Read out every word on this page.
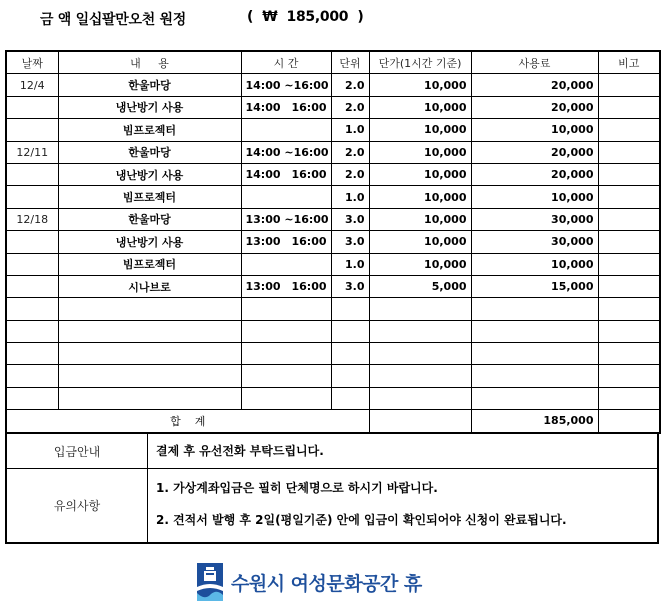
금 액 일십팔만오천 원정	(  ₩  185,000  )
날짜	내     용	시 간	단위	단가(1시간 기준)	사용료	비고
12/4	한울마당	14:00 ~ 16:00	2.0	10,000	20,000	
	냉난방기 사용	14:00 16:00	2.0	10,000	20,000	
	빔프로젝터		1.0	10,000	10,000	
12/11	한울마당	14:00 ~ 16:00	2.0	10,000	20,000	
	냉난방기 사용	14:00 16:00	2.0	10,000	20,000	
	빔프로젝터		1.0	10,000	10,000	
12/18	한울마당	13:00 ~ 16:00	3.0	10,000	30,000	
	냉난방기 사용	13:00 16:00	3.0	10,000	30,000	
	빔프로젝터		1.0	10,000	10,000	
	시나브로	13:00 16:00	3.0	5,000	15,000	

합    계					185,000	
입금안내	결제 후 유선전화 부탁드립니다.
유의사항
1. 가상계좌입금은 필히 단체명으로 하시기 바랍니다.
2. 견적서 발행 후 2일(평일기준) 안에 입금이 확인되어야 신청이 완료됩니다.
수원시 여성문화공간 휴
